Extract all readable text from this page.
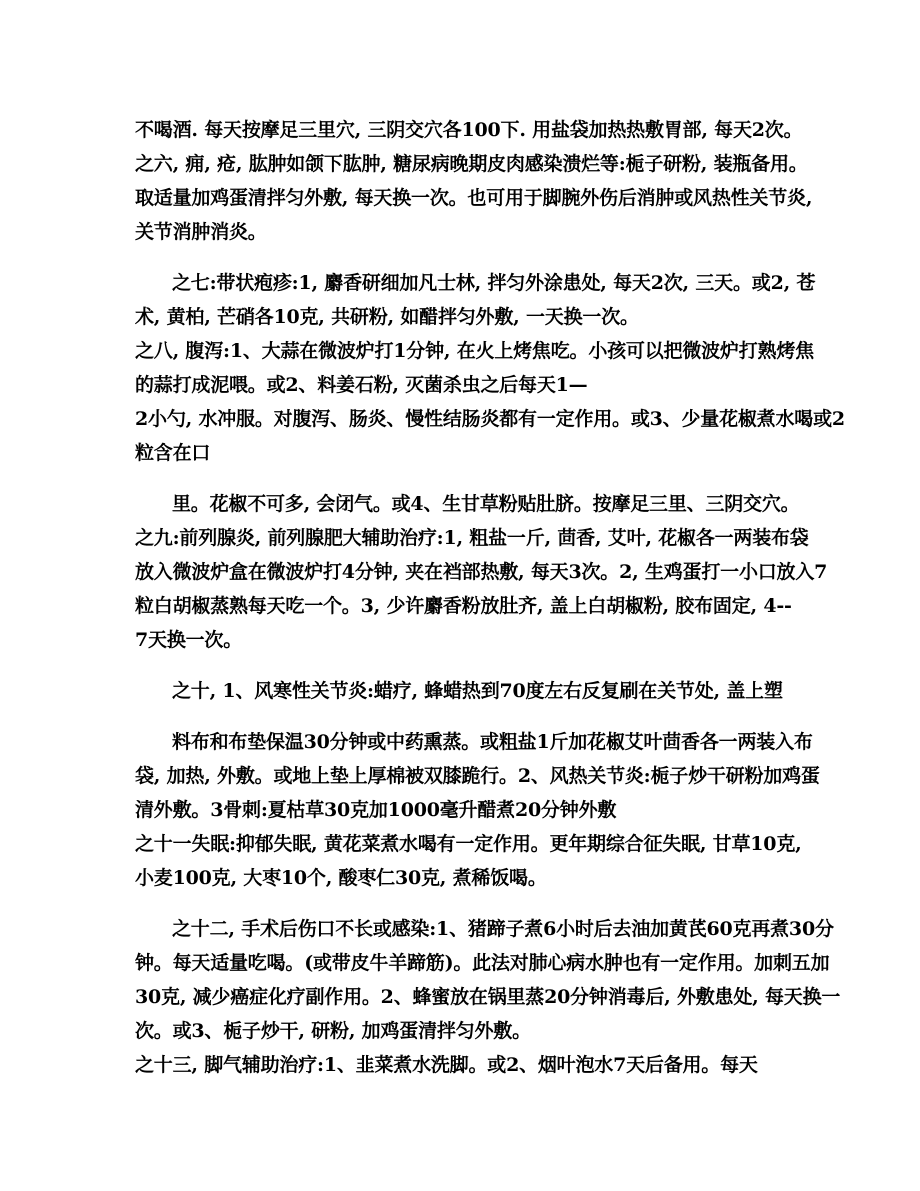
不喝酒. 每天按摩足三里穴, 三阴交穴各100下. 用盐袋加热热敷胃部, 每天2次。
之六, 痈, 疮, 肱肿如颌下肱肿, 糖尿病晚期皮肉感染溃烂等:栀子研粉, 装瓶备用。
取适量加鸡蛋清拌匀外敷, 每天换一次。也可用于脚腕外伤后消肿或风热性关节炎,
关节消肿消炎。
之七:带状疱疹:1, 麝香研细加凡士林, 拌匀外涂患处, 每天2次, 三天。或2, 苍
术, 黄柏, 芒硝各10克, 共研粉, 如醋拌匀外敷, 一天换一次。
之八, 腹泻:1、大蒜在微波炉打1分钟, 在火上烤焦吃。小孩可以把微波炉打熟烤焦
的蒜打成泥喂。或2、料姜石粉, 灭菌杀虫之后每天1—
2小勺, 水冲服。对腹泻、肠炎、慢性结肠炎都有一定作用。或3、少量花椒煮水喝或2
粒含在口
里。花椒不可多, 会闭气。或4、生甘草粉贴肚脐。按摩足三里、三阴交穴。
之九:前列腺炎, 前列腺肥大辅助治疗:1, 粗盐一斤, 茴香, 艾叶, 花椒各一两装布袋
放入微波炉盒在微波炉打4分钟, 夹在裆部热敷, 每天3次。2, 生鸡蛋打一小口放入7
粒白胡椒蒸熟每天吃一个。3, 少许麝香粉放肚齐, 盖上白胡椒粉, 胶布固定, 4--
7天换一次。
之十, 1、风寒性关节炎:蜡疗, 蜂蜡热到70度左右反复刷在关节处, 盖上塑
料布和布垫保温30分钟或中药熏蒸。或粗盐1斤加花椒艾叶茴香各一两装入布
袋, 加热, 外敷。或地上垫上厚棉被双膝跪行。2、风热关节炎:栀子炒干研粉加鸡蛋
清外敷。3骨刺:夏枯草30克加1000毫升醋煮20分钟外敷
之十一失眠:抑郁失眠, 黄花菜煮水喝有一定作用。更年期综合征失眠, 甘草10克,
小麦100克, 大枣10个, 酸枣仁30克, 煮稀饭喝。
之十二, 手术后伤口不长或感染:1、猪蹄子煮6小时后去油加黄芪60克再煮30分
钟。每天适量吃喝。(或带皮牛羊蹄筋)。此法对肺心病水肿也有一定作用。加刺五加
30克, 减少癌症化疗副作用。2、蜂蜜放在锅里蒸20分钟消毒后, 外敷患处, 每天换一
次。或3、栀子炒干, 研粉, 加鸡蛋清拌匀外敷。
之十三, 脚气辅助治疗:1、韭菜煮水洗脚。或2、烟叶泡水7天后备用。每天
